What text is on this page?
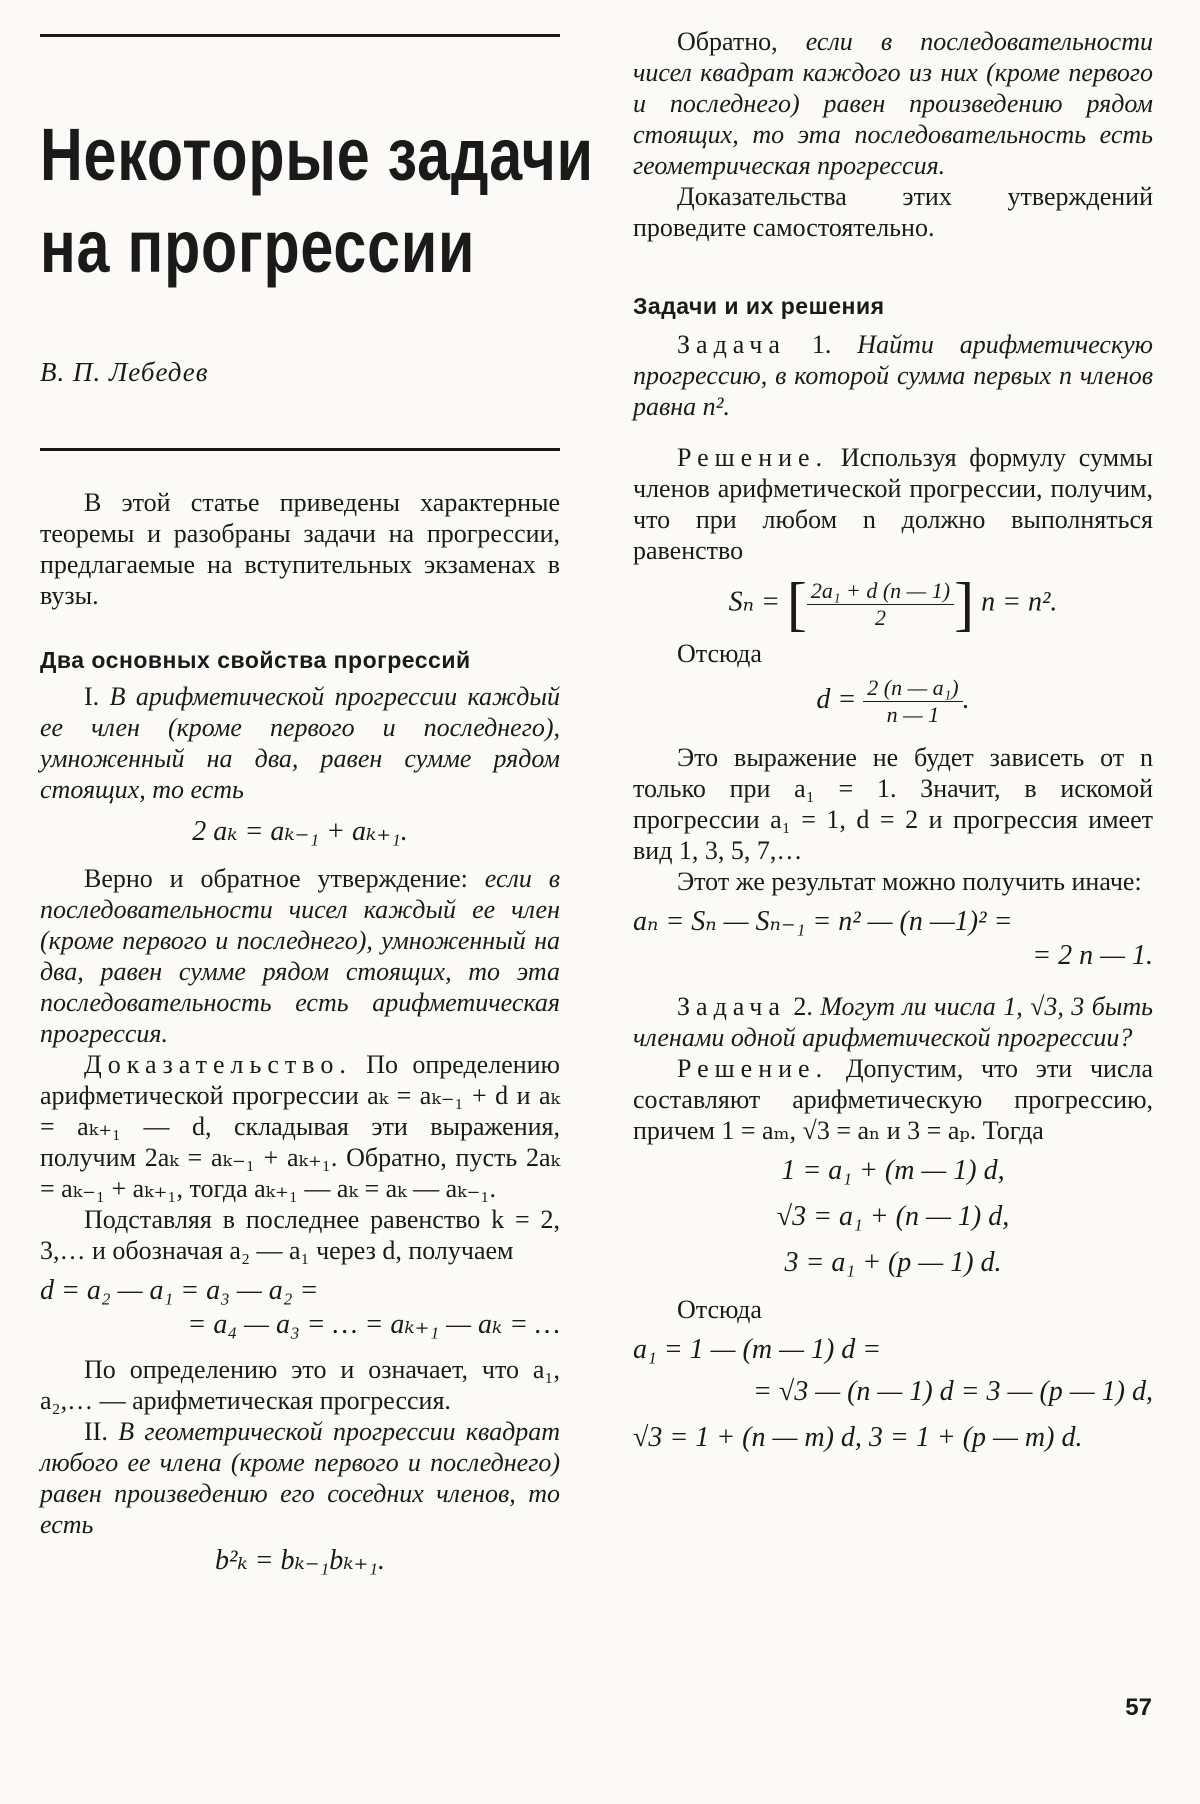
Некоторые задачи
на прогрессии

В. П. Лебедев

В этой статье приведены характерные теоремы и разобраны задачи на прогрессии, предлагаемые на вступительных экзаменах в вузы.

Два основных свойства прогрессий

I. В арифметической прогрессии каждый ее член (кроме первого и последнего), умноженный на два, равен сумме рядом стоящих, то есть

2 aₖ = aₖ₋₁ + aₖ₊₁.

Верно и обратное утверждение: если в последовательности чисел каждый ее член (кроме первого и последнего), умноженный на два, равен сумме рядом стоящих, то эта последовательность есть арифметическая прогрессия.

Доказательство. По определению арифметической прогрессии aₖ = aₖ₋₁ + d и aₖ = aₖ₊₁ — d, складывая эти выражения, получим 2aₖ = aₖ₋₁ + aₖ₊₁. Обратно, пусть 2aₖ = aₖ₋₁ + aₖ₊₁, тогда aₖ₊₁ — aₖ = aₖ — aₖ₋₁.

Подставляя в последнее равенство k = 2, 3,… и обозначая a₂ — a₁ через d, получаем

d = a₂ — a₁ = a₃ — a₂ =
= a₄ — a₃ = … = aₖ₊₁ — aₖ = …

По определению это и означает, что a₁, a₂,… — арифметическая прогрессия.

II. В геометрической прогрессии квадрат любого ее члена (кроме первого и последнего) равен произведению его соседних членов, то есть

b²ₖ = bₖ₋₁bₖ₊₁.

Обратно, если в последовательности чисел квадрат каждого из них (кроме первого и последнего) равен произведению рядом стоящих, то эта последовательность есть геометрическая прогрессия.

Доказательства этих утверждений проведите самостоятельно.

Задачи и их решения

Задача 1. Найти арифметическую прогрессию, в которой сумма первых n членов равна n².

Решение. Используя формулу суммы членов арифметической прогрессии, получим, что при любом n должно выполняться равенство

Sₙ = [ $\frac{\text{2a₁ + d (n — 1)}}{2}$ ] n = n².

Отсюда

$d = \frac{\text{2 (n — a₁)}}{n — 1}$ .

Это выражение не будет зависеть от n только при a₁ = 1. Значит, в искомой прогрессии a₁ = 1, d = 2 и прогрессия имеет вид 1, 3, 5, 7,…

Этот же результат можно получить иначе:

aₙ = Sₙ — Sₙ₋₁ = n² — (n —1)² =
= 2 n — 1.

Задача 2. Могут ли числа 1, √3, 3 быть членами одной арифметической прогрессии?

Решение. Допустим, что эти числа составляют арифметическую прогрессию, причем 1 = aₘ, √3 = aₙ и 3 = aₚ. Тогда

1 = a₁ + (m — 1) d,
√3 = a₁ + (n — 1) d,
3 = a₁ + (p — 1) d.

Отсюда

a₁ = 1 — (m — 1) d =
= √3 — (n — 1) d = 3 — (p — 1) d,
√3 = 1 + (n — m) d, 3 = 1 + (p — m) d.
57
